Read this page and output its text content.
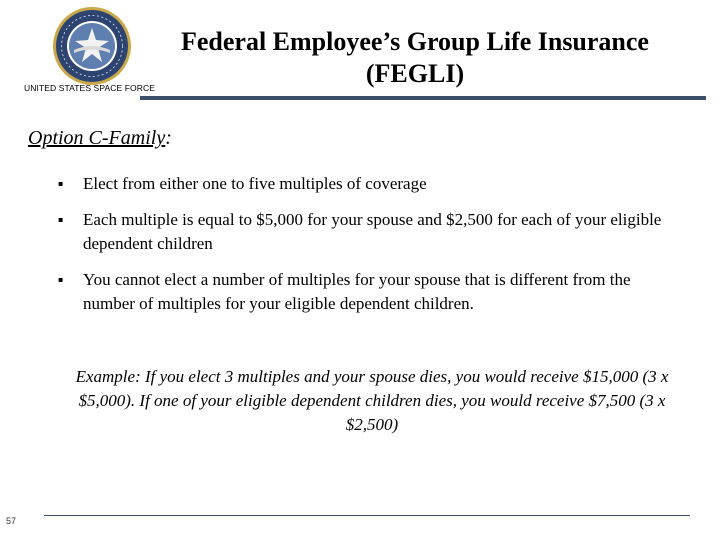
UNITED STATES SPACE FORCE
Federal Employee’s Group Life Insurance
(FEGLI)
Option C-Family:
▪ Elect from either one to five multiples of coverage
▪ Each multiple is equal to $5,000 for your spouse and $2,500 for each of your eligible dependent children
▪ You cannot elect a number of multiples for your spouse that is different from the number of multiples for your eligible dependent children.

Example: If you elect 3 multiples and your spouse dies, you would receive $15,000 (3 x $5,000). If one of your eligible dependent children dies, you would receive $7,500 (3 x $2,500)

57
